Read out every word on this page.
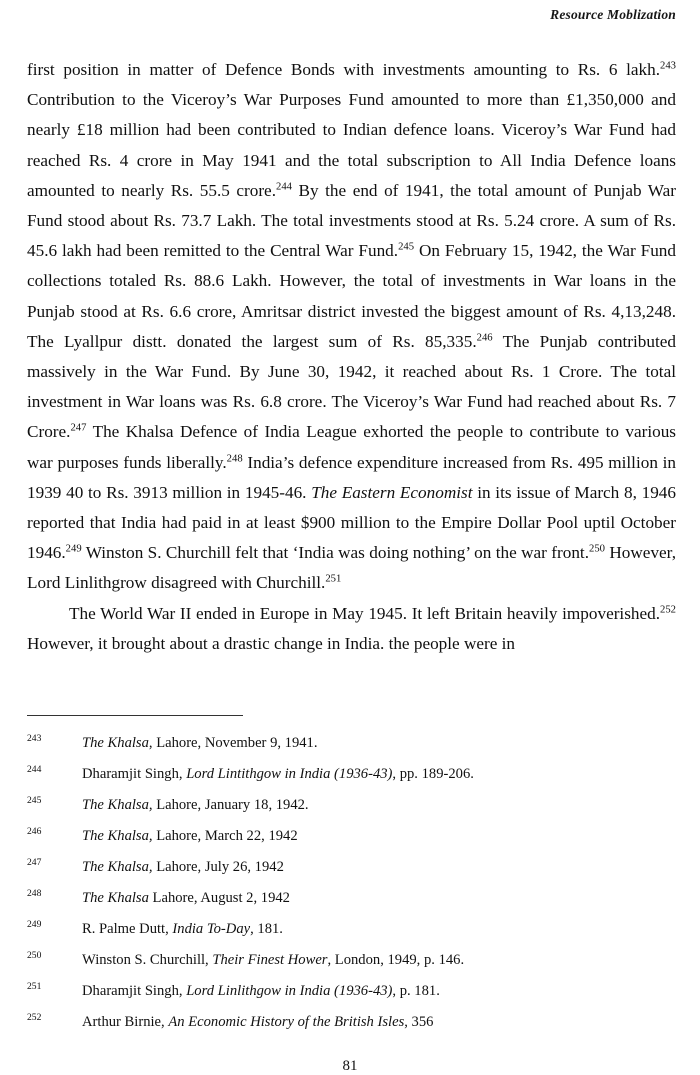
Resource Moblization

first position in matter of Defence Bonds with investments amounting to Rs. 6 lakh.$^{243}$ Contribution to the Viceroy’s War Purposes Fund amounted to more than £1,350,000 and nearly £18 million had been contributed to Indian defence loans. Viceroy’s War Fund had reached Rs. 4 crore in May 1941 and the total subscription to All India Defence loans amounted to nearly Rs. 55.5 crore.$^{244}$ By the end of 1941, the total amount of Punjab War Fund stood about Rs. 73.7 Lakh. The total investments stood at Rs. 5.24 crore. A sum of Rs. 45.6 lakh had been remitted to the Central War Fund.$^{245}$ On February 15, 1942, the War Fund collections totaled Rs. 88.6 Lakh. However, the total of investments in War loans in the Punjab stood at Rs. 6.6 crore, Amritsar district invested the biggest amount of Rs. 4,13,248. The Lyallpur distt. donated the largest sum of Rs. 85,335.$^{246}$ The Punjab contributed massively in the War Fund. By June 30, 1942, it reached about Rs. 1 Crore. The total investment in War loans was Rs. 6.8 crore. The Viceroy’s War Fund had reached about Rs. 7 Crore.$^{247}$ The Khalsa Defence of India League exhorted the people to contribute to various war purposes funds liberally.$^{248}$ India’s defence expenditure increased from Rs. 495 million in 1939 40 to Rs. 3913 million in 1945-46. The Eastern Economist in its issue of March 8, 1946 reported that India had paid in at least $900 million to the Empire Dollar Pool uptil October 1946.$^{249}$ Winston S. Churchill felt that ‘India was doing nothing’ on the war front.$^{250}$ However, Lord Linlithgrow disagreed with Churchill.$^{251}$

The World War II ended in Europe in May 1945. It left Britain heavily impoverished.$^{252}$ However, it brought about a drastic change in India. the people were in

243	The Khalsa, Lahore, November 9, 1941.
244	Dharamjit Singh, Lord Lintithgow in India (1936-43), pp. 189-206.
245	The Khalsa, Lahore, January 18, 1942.
246	The Khalsa, Lahore, March 22, 1942
247	The Khalsa, Lahore, July 26, 1942
248	The Khalsa Lahore, August 2, 1942
249	R. Palme Dutt, India To-Day, 181.
250	Winston S. Churchill, Their Finest Hower, London, 1949, p. 146.
251	Dharamjit Singh, Lord Linlithgow in India (1936-43), p. 181.
252	Arthur Birnie, An Economic History of the British Isles, 356
81
